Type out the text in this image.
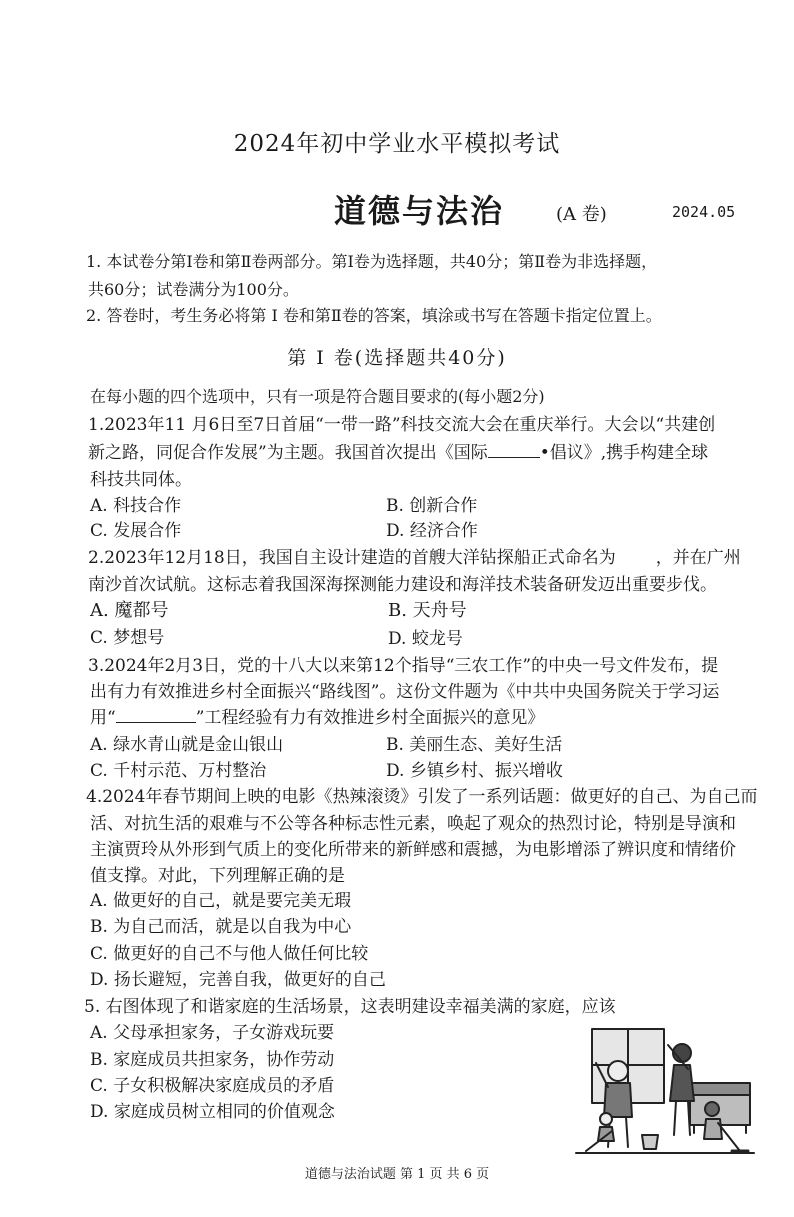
2024年初中学业水平模拟考试
道德与法治	(A 卷)	2024.05
1. 本试卷分第Ⅰ卷和第Ⅱ卷两部分。第Ⅰ卷为选择题，共40分；第Ⅱ卷为非选择题，
共60分；试卷满分为100分。
2. 答卷时，考生务必将第 Ⅰ 卷和第Ⅱ卷的答案，填涂或书写在答题卡指定位置上。
第 Ⅰ 卷(选择题共40分)
在每小题的四个选项中，只有一项是符合题目要求的(每小题2分)
1.2023年11 月6日至7日首届“一带一路”科技交流大会在重庆举行。大会以“共建创
新之路，同促合作发展”为主题。我国首次提出《国际	•倡议》,携手构建全球
科技共同体。
A. 科技合作	B. 创新合作
C. 发展合作	D. 经济合作
2.2023年12月18日，我国自主设计建造的首艘大洋钻探船正式命名为 ，并在广州
南沙首次试航。这标志着我国深海探测能力建设和海洋技术装备研发迈出重要步伐。
A. 魔都号	B. 天舟号
C. 梦想号	D. 蛟龙号
3.2024年2月3日，党的十八大以来第12个指导“三农工作”的中央一号文件发布，提
出有力有效推进乡村全面振兴“路线图”。这份文件题为《中共中央国务院关于学习运
用“	”工程经验有力有效推进乡村全面振兴的意见》
A. 绿水青山就是金山银山	B. 美丽生态、美好生活
C. 千村示范、万村整治	D. 乡镇乡村、振兴增收
4.2024年春节期间上映的电影《热辣滚烫》引发了一系列话题：做更好的自己、为自己而
活、对抗生活的艰难与不公等各种标志性元素，唤起了观众的热烈讨论，特别是导演和
主演贾玲从外形到气质上的变化所带来的新鲜感和震撼，为电影增添了辨识度和情绪价
值支撑。对此，下列理解正确的是
A. 做更好的自己，就是要完美无瑕
B. 为自己而活，就是以自我为中心
C. 做更好的自己不与他人做任何比较
D. 扬长避短，完善自我，做更好的自己
5. 右图体现了和谐家庭的生活场景，这表明建设幸福美满的家庭，应该
A. 父母承担家务，子女游戏玩要
B. 家庭成员共担家务，协作劳动
C. 子女积极解决家庭成员的矛盾
D. 家庭成员树立相同的价值观念
道德与法治试题 第 1 页 共 6 页
